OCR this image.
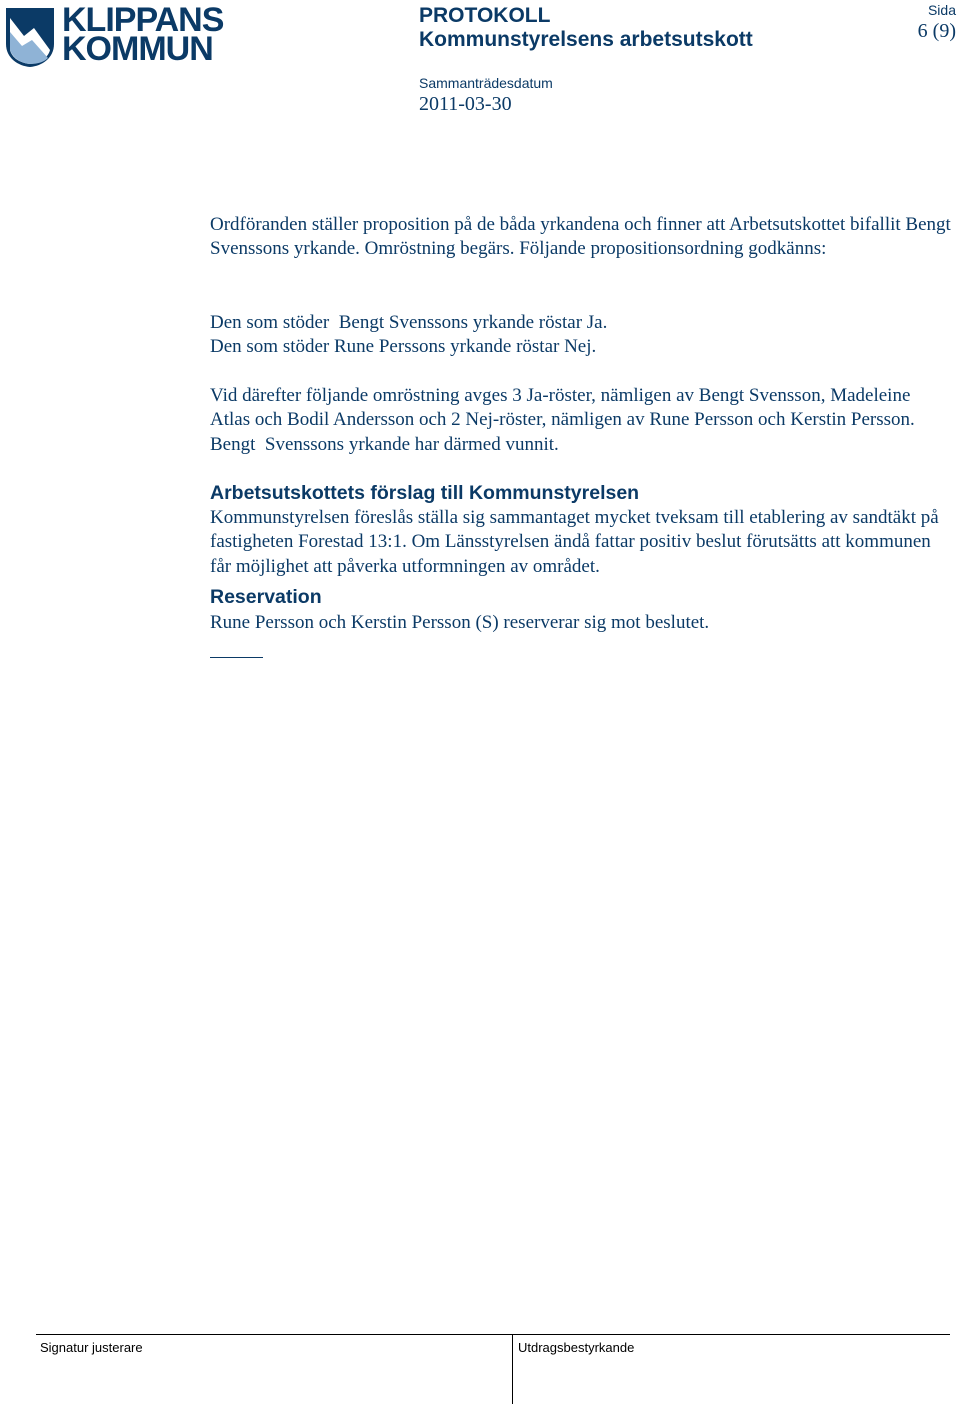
KLIPPANS
KOMMUN
PROTOKOLL
Kommunstyrelsens arbetsutskott
Sammanträdesdatum
2011-03-30
Sida
6 (9)

Ordföranden ställer proposition på de båda yrkandena och finner att Arbetsutskottet bifallit Bengt Svenssons yrkande. Omröstning begärs. Följande propositionsordning godkänns:

Den som stöder  Bengt Svenssons yrkande röstar Ja.
Den som stöder Rune Perssons yrkande röstar Nej.

Vid därefter följande omröstning avges 3 Ja-röster, nämligen av Bengt Svensson, Madeleine Atlas och Bodil Andersson och 2 Nej-röster, nämligen av Rune Persson och Kerstin Persson. Bengt  Svenssons yrkande har därmed vunnit.

Arbetsutskottets förslag till Kommunstyrelsen

Kommunstyrelsen föreslås ställa sig sammantaget mycket tveksam till etablering av sandtäkt på fastigheten Forestad 13:1. Om Länsstyrelsen ändå fattar positiv beslut förutsätts att kommunen får möjlighet att påverka utformningen av området.

Reservation

Rune Persson och Kerstin Persson (S) reserverar sig mot beslutet.

Signatur justerare	Utdragsbestyrkande
